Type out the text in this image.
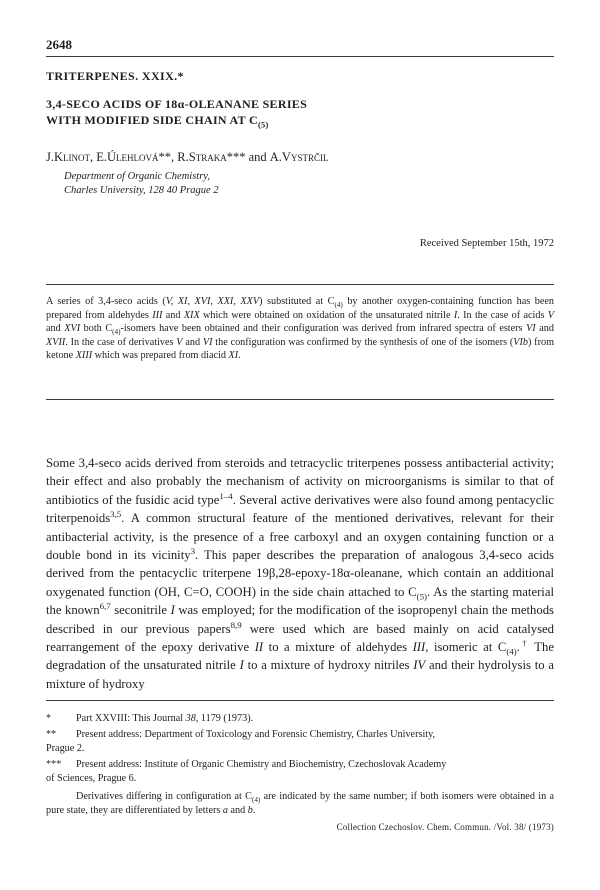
2648
TRITERPENES. XXIX.*
3,4-SECO ACIDS OF 18α-OLEANANE SERIES
WITH MODIFIED SIDE CHAIN AT $C_{(5)}$
J.Klinot, E.Úlehlová**, R.Straka*** and A.Vystrčil
Department of Organic Chemistry,
Charles University, 128 40 Prague 2
Received September 15th, 1972
A series of 3,4-seco acids (V, XI, XVI, XXI, XXV) substituted at $C_{(4)}$ by another oxygen-containing function has been prepared from aldehydes III and XIX which were obtained on oxidation of the unsaturated nitrile I. In the case of acids V and XVI both $C_{(4)}$-isomers have been obtained and their configuration was derived from infrared spectra of esters VI and XVII. In the case of derivatives V and VI the configuration was confirmed by the synthesis of one of the isomers (VIb) from ketone XIII which was prepared from diacid XI.

Some 3,4-seco acids derived from steroids and tetracyclic triterpenes possess antibacterial activity; their effect and also probably the mechanism of activity on microorganisms is similar to that of antibiotics of the fusidic acid type$^{1-4}$. Several active derivatives were also found among pentacyclic triterpenoids$^{3,5}$. A common structural feature of the mentioned derivatives, relevant for their antibacterial activity, is the presence of a free carboxyl and an oxygen containing function or a double bond in its vicinity$^3$. This paper describes the preparation of analogous 3,4-seco acids derived from the pentacyclic triterpene 19β,28-epoxy-18α-oleanane, which contain an additional oxygenated function (OH, C=O, COOH) in the side chain attached to $C_{(5)}$. As the starting material the known$^{6,7}$ seconitrile I was employed; for the modification of the isopropenyl chain the methods described in our previous papers$^{8,9}$ were used which are based mainly on acid catalysed rearrangement of the epoxy derivative II to a mixture of aldehydes III, isomeric at $C_{(4)}.^\dagger$ The degradation of the unsaturated nitrile I to a mixture of hydroxy nitriles IV and their hydrolysis to a mixture of hydroxy

* Part XXVIII: This Journal 38, 1179 (1973).
** Present address: Department of Toxicology and Forensic Chemistry, Charles University,
Prague 2.
*** Present address: Institute of Organic Chemistry and Biochemistry, Czechoslovak Academy
of Sciences, Prague 6.
Derivatives differing in configuration at $C_{(4)}$ are indicated by the same number; if both isomers were obtained in a pure state, they are differentiated by letters a and b.
Collection Czechoslov. Chem. Commun. /Vol. 38/ (1973)
